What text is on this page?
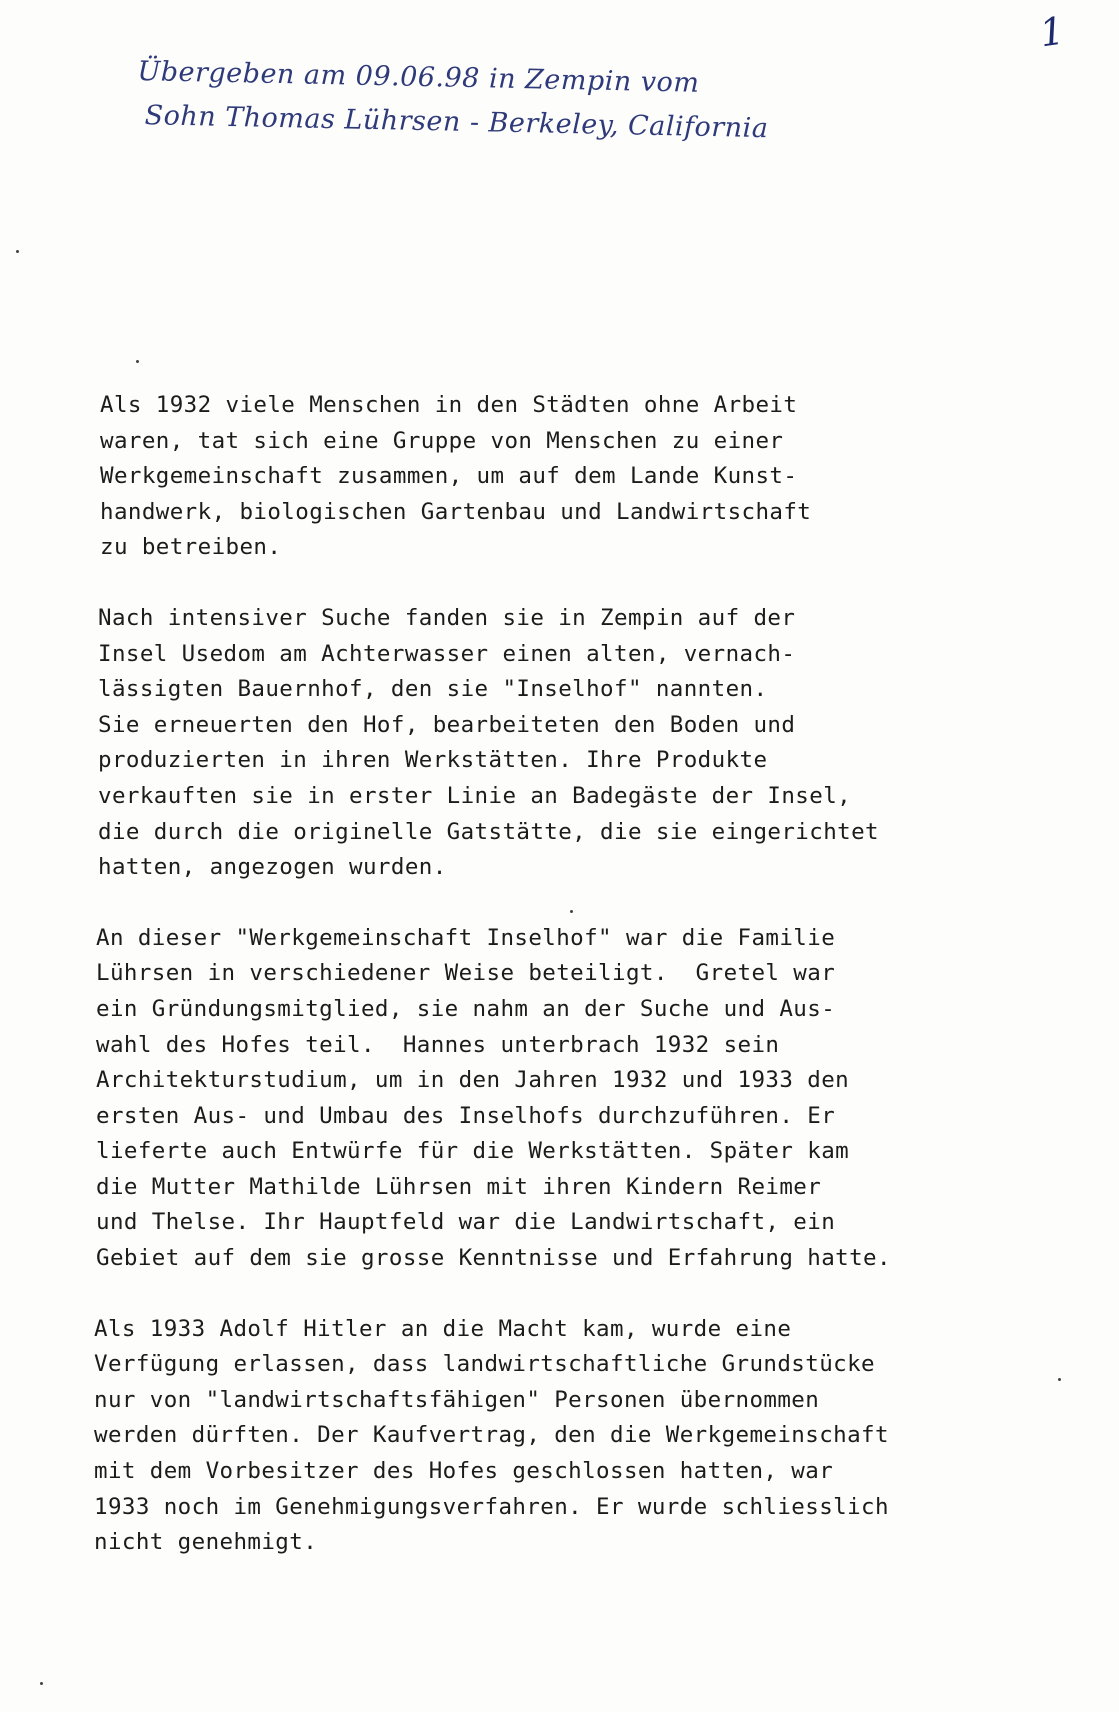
1
Übergeben am 09.06.98 in Zempin vom
Sohn Thomas Lührsen - Berkeley, California
Als 1932 viele Menschen in den Städten ohne Arbeit
waren, tat sich eine Gruppe von Menschen zu einer
Werkgemeinschaft zusammen, um auf dem Lande Kunst-
handwerk, biologischen Gartenbau und Landwirtschaft
zu betreiben.
Nach intensiver Suche fanden sie in Zempin auf der
Insel Usedom am Achterwasser einen alten, vernach-
lässigten Bauernhof, den sie "Inselhof" nannten.
Sie erneuerten den Hof, bearbeiteten den Boden und
produzierten in ihren Werkstätten. Ihre Produkte
verkauften sie in erster Linie an Badegäste der Insel,
die durch die originelle Gatstätte, die sie eingerichtet
hatten, angezogen wurden.
An dieser "Werkgemeinschaft Inselhof" war die Familie
Lührsen in verschiedener Weise beteiligt.  Gretel war
ein Gründungsmitglied, sie nahm an der Suche und Aus-
wahl des Hofes teil.  Hannes unterbrach 1932 sein
Architekturstudium, um in den Jahren 1932 und 1933 den
ersten Aus- und Umbau des Inselhofs durchzuführen. Er
lieferte auch Entwürfe für die Werkstätten. Später kam
die Mutter Mathilde Lührsen mit ihren Kindern Reimer
und Thelse. Ihr Hauptfeld war die Landwirtschaft, ein
Gebiet auf dem sie grosse Kenntnisse und Erfahrung hatte.
Als 1933 Adolf Hitler an die Macht kam, wurde eine
Verfügung erlassen, dass landwirtschaftliche Grundstücke
nur von "landwirtschaftsfähigen" Personen übernommen
werden dürften. Der Kaufvertrag, den die Werkgemeinschaft
mit dem Vorbesitzer des Hofes geschlossen hatten, war
1933 noch im Genehmigungsverfahren. Er wurde schliesslich
nicht genehmigt.
